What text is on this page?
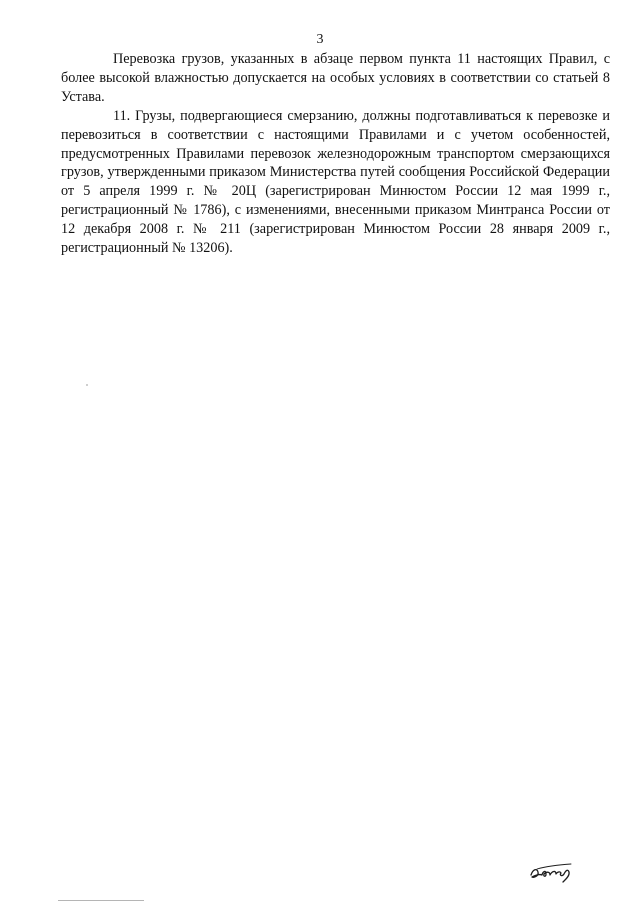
3

Перевозка грузов, указанных в абзаце первом пункта 11 настоящих Правил, с более высокой влажностью допускается на особых условиях в соответствии со статьей 8 Устава.

11. Грузы, подвергающиеся смерзанию, должны подготавливаться к перевозке и перевозиться в соответствии с настоящими Правилами и с учетом особенностей, предусмотренных Правилами перевозок железнодорожным транспортом смерзающихся грузов, утвержденными приказом Министерства путей сообщения Российской Федерации от 5 апреля 1999 г. № 20Ц (зарегистрирован Минюстом России 12 мая 1999 г., регистрационный № 1786), с изменениями, внесенными приказом Минтранса России от 12 декабря 2008 г. № 211 (зарегистрирован Минюстом России 28 января 2009 г., регистрационный № 13206).
